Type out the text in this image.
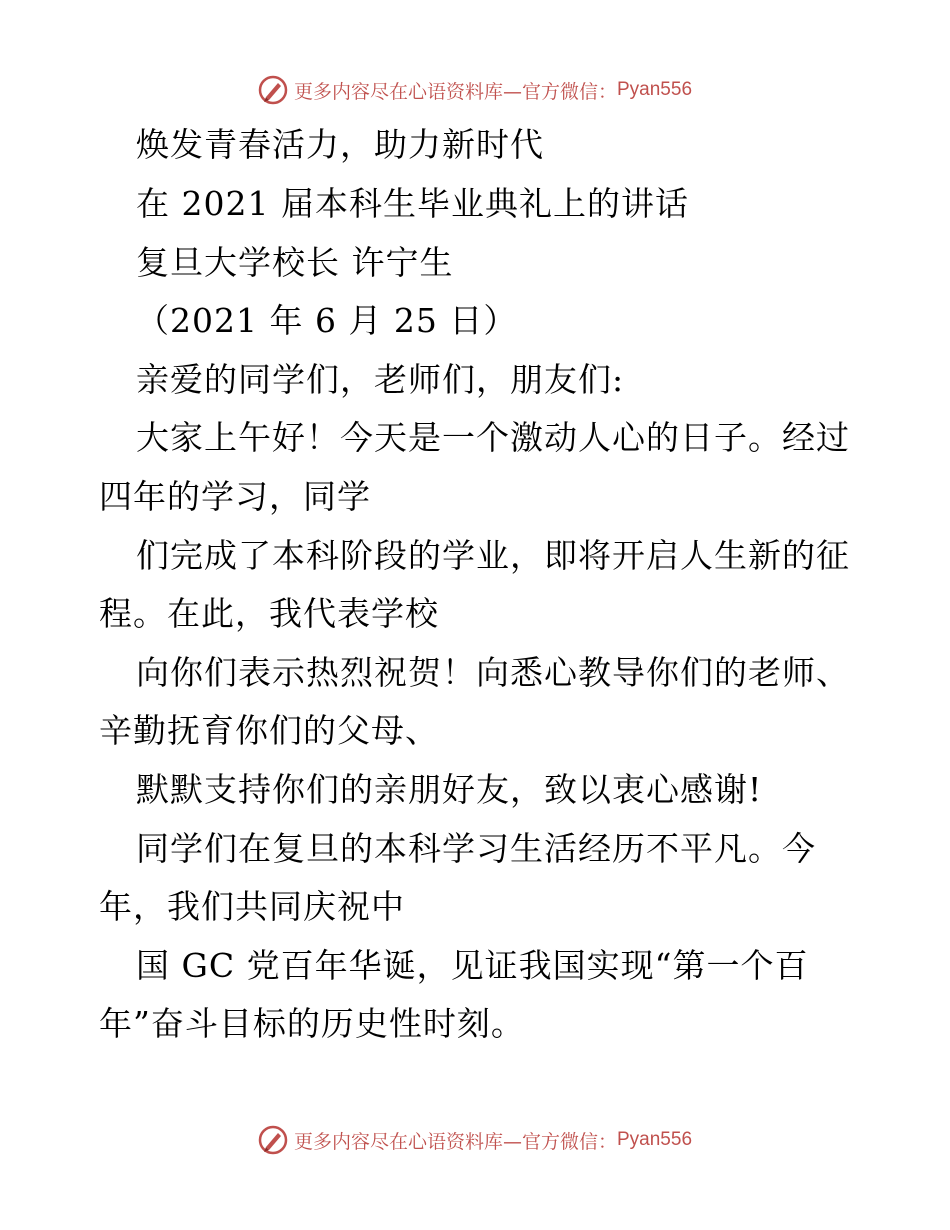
更多内容尽在心语资料库—官方微信： Pyan556
焕发青春活力，助力新时代
在 2021 届本科生毕业典礼上的讲话
复旦大学校长 许宁生
（2021 年 6 月 25 日）
亲爱的同学们，老师们，朋友们:
大家上午好！今天是一个激动人心的日子。经过
四年的学习，同学
们完成了本科阶段的学业，即将开启人生新的征
程。在此，我代表学校
向你们表示热烈祝贺！向悉心教导你们的老师、
辛勤抚育你们的父母、
默默支持你们的亲朋好友，致以衷心感谢!
同学们在复旦的本科学习生活经历不平凡。今
年，我们共同庆祝中
国 GC 党百年华诞，见证我国实现“第一个百
年”奋斗目标的历史性时刻。
更多内容尽在心语资料库—官方微信： Pyan556
